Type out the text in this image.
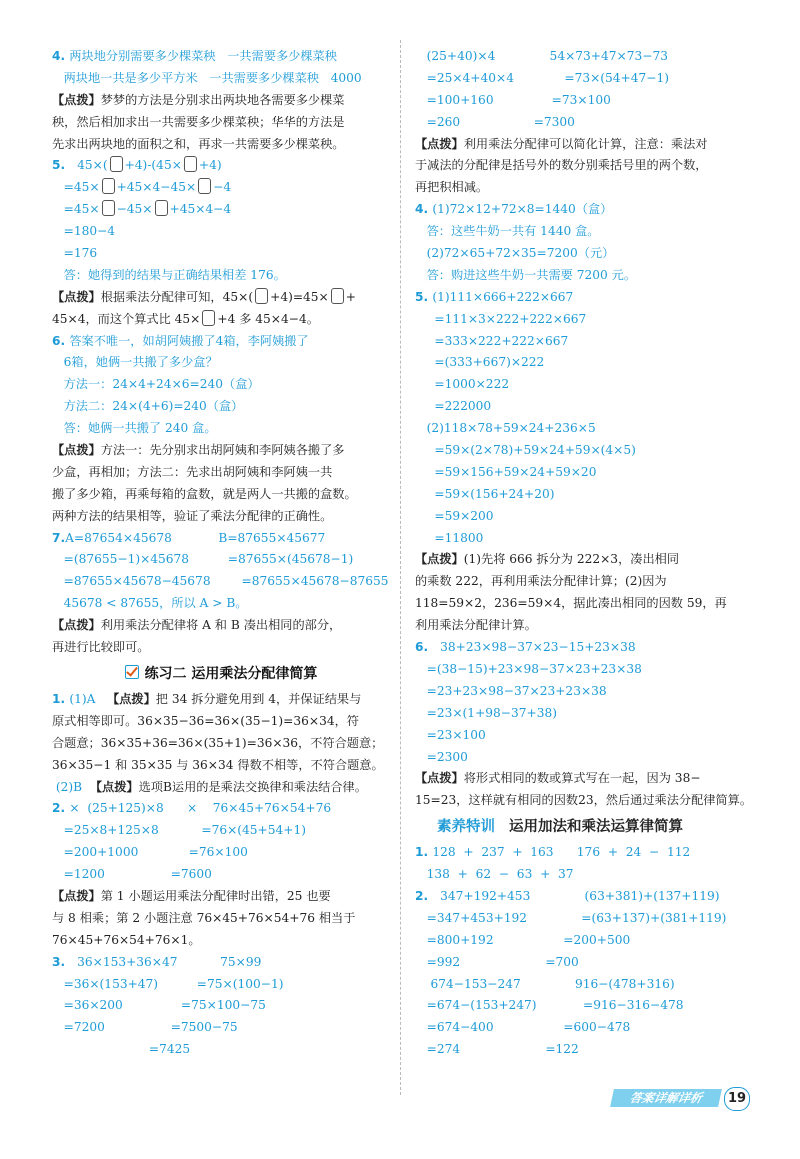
4. 两块地分别需要多少棵菜秧   一共需要多少棵菜秧
两块地一共是多少平方米   一共需要多少棵菜秧   4000
【点拨】梦梦的方法是分别求出两块地各需要多少棵菜
秧，然后相加求出一共需要多少棵菜秧；华华的方法是
先求出两块地的面积之和，再求一共需要多少棵菜秧。
5.   45×( +4)-(45× +4)
=45× +45×4−45× −4
=45× −45× +45×4−4
=180−4
=176
答：她得到的结果与正确结果相差 176。
【点拨】根据乘法分配律可知，45×( +4)=45× +
45×4，而这个算式比 45× +4 多 45×4−4。
6. 答案不唯一，如胡阿姨搬了4箱，李阿姨搬了
6箱，她俩一共搬了多少盒？
方法一：24×4+24×6=240（盒）
方法二：24×(4+6)=240（盒）
答：她俩一共搬了 240 盒。
【点拨】方法一：先分别求出胡阿姨和李阿姨各搬了多
少盒，再相加；方法二：先求出胡阿姨和李阿姨一共
搬了多少箱，再乘每箱的盒数，就是两人一共搬的盒数。
两种方法的结果相等，验证了乘法分配律的正确性。
7.A=87654×45678            B=87655×45677
=(87655−1)×45678          =87655×(45678−1)
=87655×45678−45678        =87655×45678−87655
45678 < 87655，所以 A > B。
【点拨】利用乘法分配律将 A 和 B 凑出相同的部分，
再进行比较即可。
练习二 运用乘法分配律简算
1. (1)A   【点拨】把 34 拆分避免用到 4，并保证结果与
原式相等即可。36×35−36=36×(35−1)=36×34，符
合题意；36×35+36=36×(35+1)=36×36，不符合题意；
36×35−1 和 35×35 与 36×34 得数不相等，不符合题意。
(2)B  【点拨】选项B运用的是乘法交换律和乘法结合律。
2. ×  (25+125)×8      ×    76×45+76×54+76
=25×8+125×8           =76×(45+54+1)
=200+1000             =76×100
=1200                 =7600
【点拨】第 1 小题运用乘法分配律时出错，25 也要
与 8 相乘；第 2 小题注意 76×45+76×54+76 相当于
76×45+76×54+76×1。
3.   36×153+36×47           75×99
=36×(153+47)          =75×(100−1)
=36×200               =75×100−75
=7200                 =7500−75
=7425
(25+40)×4              54×73+47×73−73
=25×4+40×4             =73×(54+47−1)
=100+160               =73×100
=260                   =7300
【点拨】利用乘法分配律可以简化计算，注意：乘法对
于减法的分配律是括号外的数分别乘括号里的两个数，
再把积相减。
4. (1)72×12+72×8=1440（盒）
答：这些牛奶一共有 1440 盒。
(2)72×65+72×35=7200（元）
答：购进这些牛奶一共需要 7200 元。
5. (1)111×666+222×667
=111×3×222+222×667
=333×222+222×667
=(333+667)×222
=1000×222
=222000
(2)118×78+59×24+236×5
=59×(2×78)+59×24+59×(4×5)
=59×156+59×24+59×20
=59×(156+24+20)
=59×200
=11800
【点拨】(1)先将 666 拆分为 222×3，凑出相同
的乘数 222，再利用乘法分配律计算；(2)因为
118=59×2，236=59×4，据此凑出相同的因数 59，再
利用乘法分配律计算。
6.   38+23×98−37×23−15+23×38
=(38−15)+23×98−37×23+23×38
=23+23×98−37×23+23×38
=23×(1+98−37+38)
=23×100
=2300
【点拨】将形式相同的数或算式写在一起，因为 38−
15=23，这样就有相同的因数23，然后通过乘法分配律简算。
素养特训 运用加法和乘法运算律简算
1. 128  +  237  +  163      176  +  24  −  112
138  +  62  −  63  +  37
2.   347+192+453              (63+381)+(137+119)
=347+453+192              =(63+137)+(381+119)
=800+192                  =200+500
=992                      =700
674−153−247              916−(478+316)
=674−(153+247)            =916−316−478
=674−400                  =600−478
=274                      =122
答案详解详析	19
